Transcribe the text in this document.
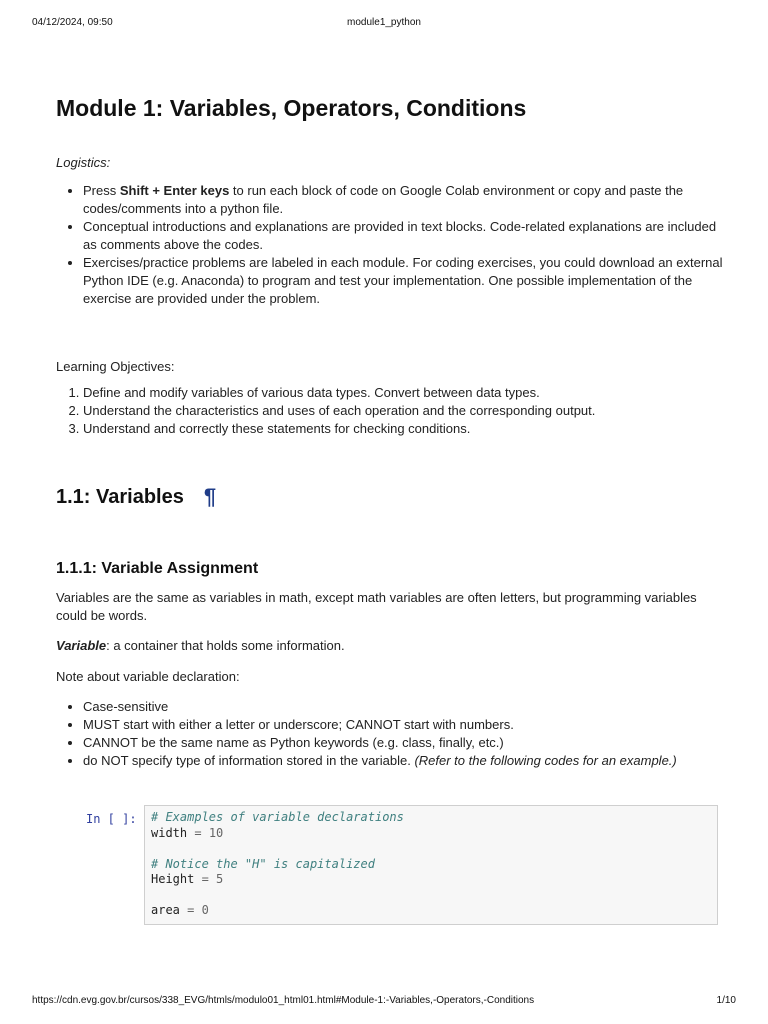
04/12/2024, 09:50	module1_python
Module 1: Variables, Operators, Conditions
Logistics:
• Press Shift + Enter keys to run each block of code on Google Colab environment or copy and paste the codes/comments into a python file.
• Conceptual introductions and explanations are provided in text blocks. Code-related explanations are included as comments above the codes.
• Exercises/practice problems are labeled in each module. For coding exercises, you could download an external Python IDE (e.g. Anaconda) to program and test your implementation. One possible implementation of the exercise are provided under the problem.
Learning Objectives:
1. Define and modify variables of various data types. Convert between data types.
2. Understand the characteristics and uses of each operation and the corresponding output.
3. Understand and correctly these statements for checking conditions.
1.1: Variables ¶
1.1.1: Variable Assignment

Variables are the same as variables in math, except math variables are often letters, but programming variables could be words.

Variable: a container that holds some information.

Note about variable declaration:

• Case-sensitive
• MUST start with either a letter or underscore; CANNOT start with numbers.
• CANNOT be the same name as Python keywords (e.g. class, finally, etc.)
• do NOT specify type of information stored in the variable. (Refer to the following codes for an example.)
In [ ]:	# Examples of variable declarations
width = 10

# Notice the "H" is capitalized
Height = 5

area = 0
https://cdn.evg.gov.br/cursos/338_EVG/htmls/modulo01_html01.html#Module-1:-Variables,-Operators,-Conditions	1/10
